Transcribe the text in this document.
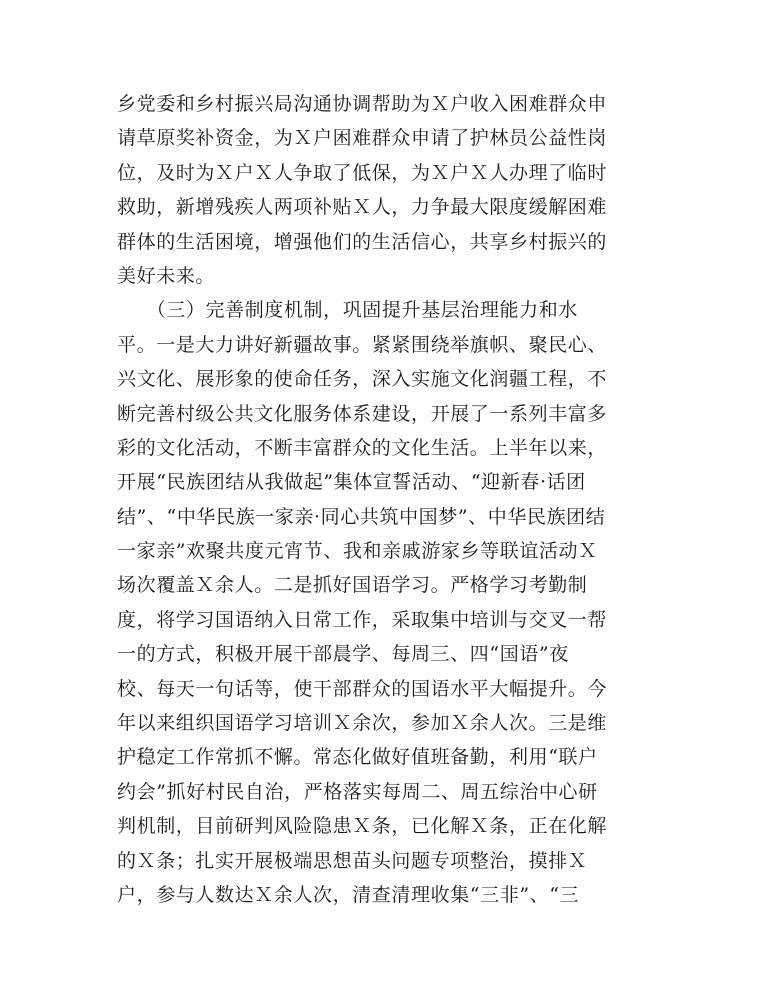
乡党委和乡村振兴局沟通协调帮助为Ｘ户收入困难群众申
请草原奖补资金，为Ｘ户困难群众申请了护林员公益性岗
位，及时为Ｘ户Ｘ人争取了低保，为Ｘ户Ｘ人办理了临时
救助，新增残疾人两项补贴Ｘ人，力争最大限度缓解困难
群体的生活困境，增强他们的生活信心，共享乡村振兴的
美好未来。
　　（三）完善制度机制，巩固提升基层治理能力和水
平。一是大力讲好新疆故事。紧紧围绕举旗帜、聚民心、
兴文化、展形象的使命任务，深入实施文化润疆工程，不
断完善村级公共文化服务体系建设，开展了一系列丰富多
彩的文化活动，不断丰富群众的文化生活。上半年以来，
开展“民族团结从我做起”集体宣誓活动、“迎新春·话团
结”、“中华民族一家亲·同心共筑中国梦”、中华民族团结
一家亲”欢聚共度元宵节、我和亲戚游家乡等联谊活动Ｘ
场次覆盖Ｘ余人。二是抓好国语学习。严格学习考勤制
度，将学习国语纳入日常工作，采取集中培训与交叉一帮
一的方式，积极开展干部晨学、每周三、四“国语”夜
校、每天一句话等，使干部群众的国语水平大幅提升。今
年以来组织国语学习培训Ｘ余次，参加Ｘ余人次。三是维
护稳定工作常抓不懈。常态化做好值班备勤，利用“联户
约会”抓好村民自治，严格落实每周二、周五综治中心研
判机制，目前研判风险隐患Ｘ条，已化解Ｘ条，正在化解
的Ｘ条；扎实开展极端思想苗头问题专项整治，摸排Ｘ
户，参与人数达Ｘ余人次，清查清理收集“三非”、“三
